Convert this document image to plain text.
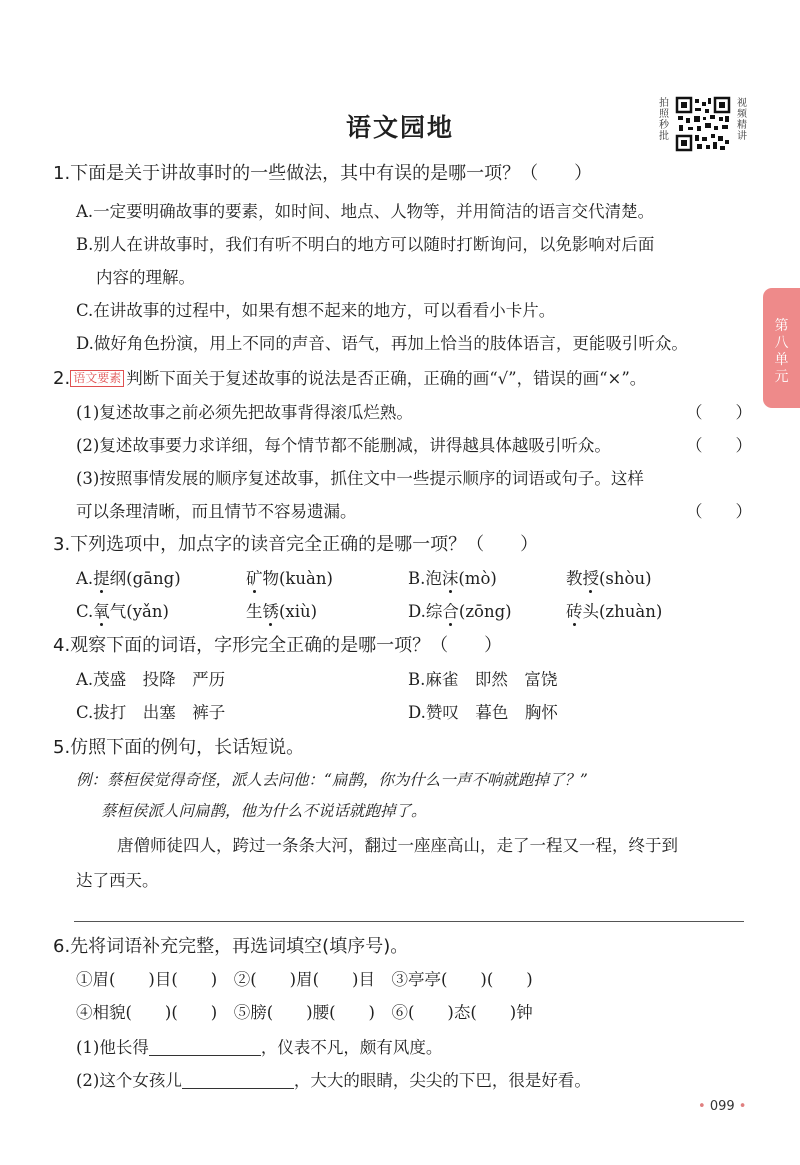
语文园地
拍照秒批
视频精讲
第八单元
1.下面是关于讲故事时的一些做法，其中有误的是哪一项？（　　）
A.一定要明确故事的要素，如时间、地点、人物等，并用简洁的语言交代清楚。
B.别人在讲故事时，我们有听不明白的地方可以随时打断询问，以免影响对后面
内容的理解。
C.在讲故事的过程中，如果有想不起来的地方，可以看看小卡片。
D.做好角色扮演，用上不同的声音、语气，再加上恰当的肢体语言，更能吸引听众。
2. 语文要素 判断下面关于复述故事的说法是否正确，正确的画“√”，错误的画“×”。
(1)复述故事之前必须先把故事背得滚瓜烂熟。	（　　）
(2)复述故事要力求详细，每个情节都不能删减，讲得越具体越吸引听众。	（　　）
(3)按照事情发展的顺序复述故事，抓住文中一些提示顺序的词语或句子。这样
可以条理清晰，而且情节不容易遗漏。	（　　）
3.下列选项中，加点字的读音完全正确的是哪一项？（　　）
A.提纲(gāng)	矿物(kuàn)	B.泡沫(mò)	教授(shòu)
C.氧气(yǎn)	生锈(xiù)	D.综合(zōng)	砖头(zhuàn)
4.观察下面的词语，字形完全正确的是哪一项？（　　）
A.茂盛　投降　严历	B.麻雀　即然　富饶
C.拔打　出塞　裤子	D.赞叹　暮色　胸怀
5.仿照下面的例句，长话短说。
例：蔡桓侯觉得奇怪，派人去问他：“扁鹊，你为什么一声不响就跑掉了？”
蔡桓侯派人问扁鹊，他为什么不说话就跑掉了。
唐僧师徒四人，跨过一条条大河，翻过一座座高山，走了一程又一程，终于到
达了西天。
6.先将词语补充完整，再选词填空(填序号)。
①眉(　　)目(　　)　②(　　)眉(　　)目　③亭亭(　　)(　　)
④相貌(　　)(　　)　⑤膀(　　)腰(　　)　⑥(　　)态(　　)钟
(1)他长得	，仪表不凡，颇有风度。
(2)这个女孩儿	，大大的眼睛，尖尖的下巴，很是好看。
• 099 •
